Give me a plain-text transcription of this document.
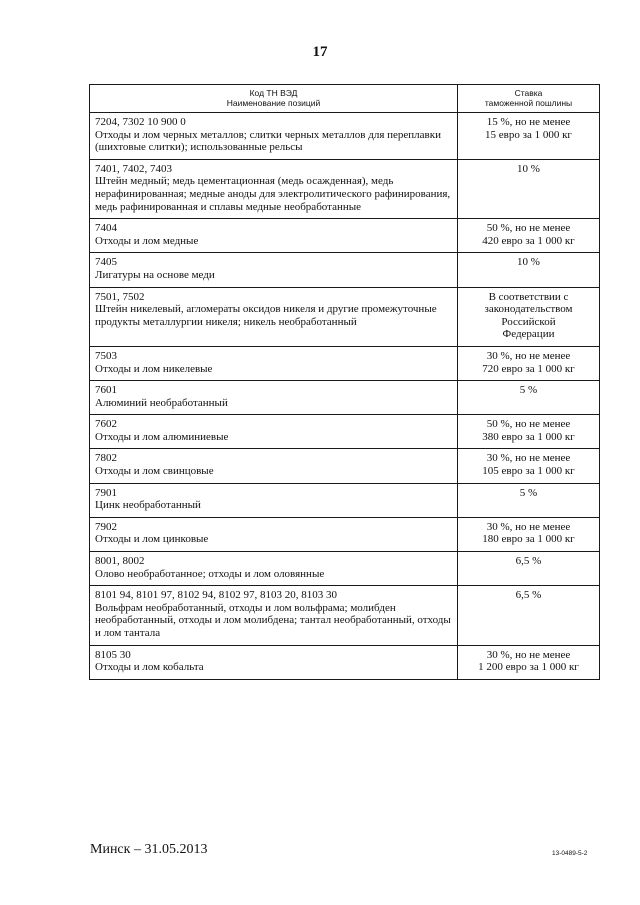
17
Код ТН ВЭД
Наименование позиций	Ставка
таможенной пошлины

7204, 7302 10 900 0
Отходы и лом черных металлов; слитки черных металлов для переплавки (шихтовые слитки); использованные рельсы	15 %, но не менее
15 евро за 1 000 кг

7401, 7402, 7403
Штейн медный; медь цементационная (медь осажденная), медь нерафинированная; медные аноды для электролитического рафинирования, медь рафинированная и сплавы медные необработанные	10 %

7404
Отходы и лом медные	50 %, но не менее
420 евро за 1 000 кг

7405
Лигатуры на основе меди	10 %

7501, 7502
Штейн никелевый, агломераты оксидов никеля и другие промежуточные продукты металлургии никеля; никель необработанный	В соответствии с
законодательством
Российской
Федерации

7503
Отходы и лом никелевые	30 %, но не менее
720 евро за 1 000 кг

7601
Алюминий необработанный	5 %

7602
Отходы и лом алюминиевые	50 %, но не менее
380 евро за 1 000 кг

7802
Отходы и лом свинцовые	30 %, но не менее
105 евро за 1 000 кг

7901
Цинк необработанный	5 %

7902
Отходы и лом цинковые	30 %, но не менее
180 евро за 1 000 кг

8001, 8002
Олово необработанное; отходы и лом оловянные	6,5 %

8101 94, 8101 97, 8102 94, 8102 97, 8103 20, 8103 30
Вольфрам необработанный, отходы и лом вольфрама; молибден необработанный, отходы и лом молибдена; тантал необработанный, отходы и лом тантала	6,5 %

8105 30
Отходы и лом кобальта	30 %, но не менее
1 200 евро за 1 000 кг
Минск – 31.05.2013	13-0489-5-2
